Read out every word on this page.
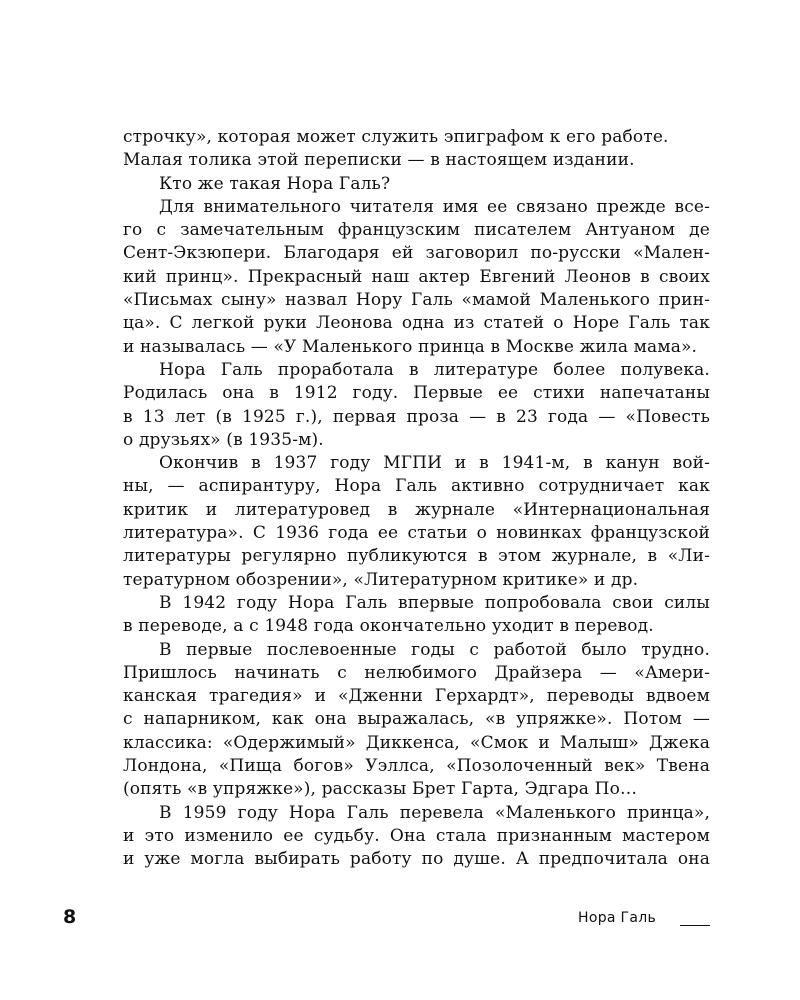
строчку», которая может служить эпиграфом к его работе.
Малая толика этой переписки — в настоящем издании.
Кто же такая Нора Галь?
Для внимательного читателя имя ее связано прежде все-
го с замечательным французским писателем Антуаном де
Сент-Экзюпери. Благодаря ей заговорил по-русски «Мален-
кий принц». Прекрасный наш актер Евгений Леонов в своих
«Письмах сыну» назвал Нору Галь «мамой Маленького прин-
ца». С легкой руки Леонова одна из статей о Норе Галь так
и называлась — «У Маленького принца в Москве жила мама».
Нора Галь проработала в литературе более полувека.
Родилась она в 1912 году. Первые ее стихи напечатаны
в 13 лет (в 1925 г.), первая проза — в 23 года — «Повесть
о друзьях» (в 1935-м).
Окончив в 1937 году МГПИ и в 1941-м, в канун вой-
ны, — аспирантуру, Нора Галь активно сотрудничает как
критик и литературовед в журнале «Интернациональная
литература». С 1936 года ее статьи о новинках французской
литературы регулярно публикуются в этом журнале, в «Ли-
тературном обозрении», «Литературном критике» и др.
В 1942 году Нора Галь впервые попробовала свои силы
в переводе, а с 1948 года окончательно уходит в перевод.
В первые послевоенные годы с работой было трудно.
Пришлось начинать с нелюбимого Драйзера — «Амери-
канская трагедия» и «Дженни Герхардт», переводы вдвоем
с напарником, как она выражалась, «в упряжке». Потом —
классика: «Одержимый» Диккенса, «Смок и Малыш» Джека
Лондона, «Пища богов» Уэллса, «Позолоченный век» Твена
(опять «в упряжке»), рассказы Брет Гарта, Эдгара По…
В 1959 году Нора Галь перевела «Маленького принца»,
и это изменило ее судьбу. Она стала признанным мастером
и уже могла выбирать работу по душе. А предпочитала она
8	Нора Галь
